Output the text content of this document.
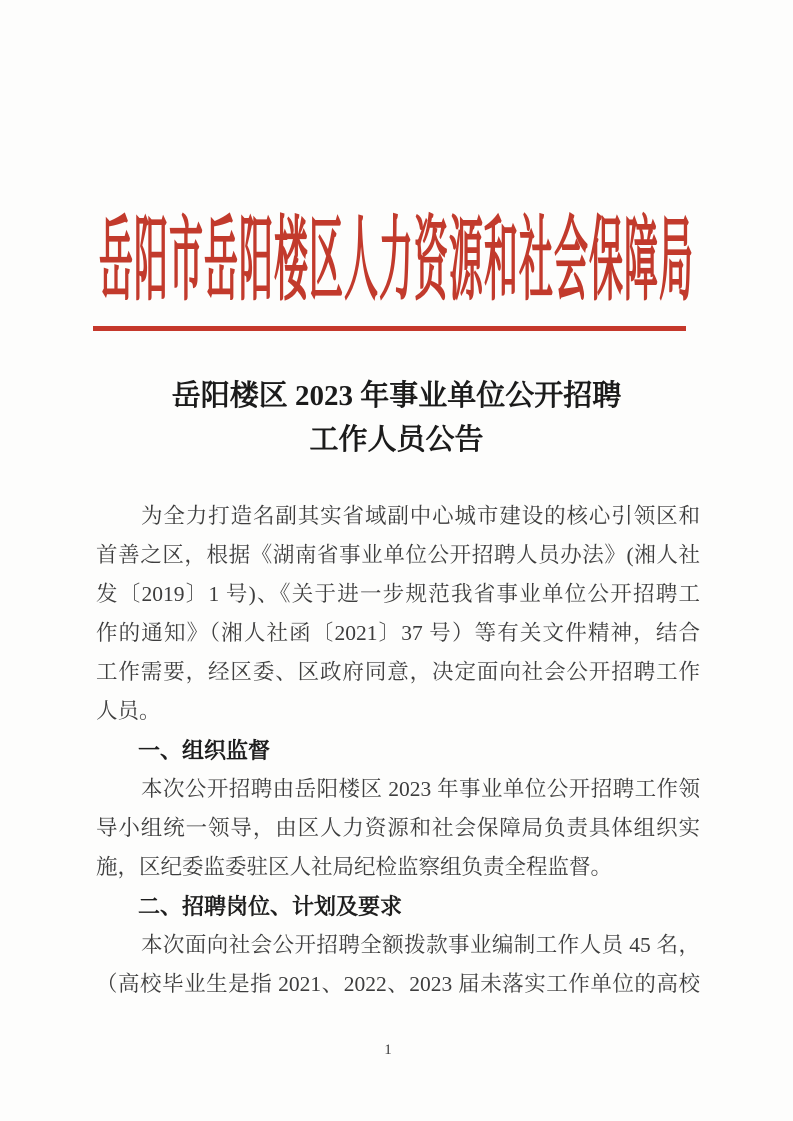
岳阳市岳阳楼区人力资源和社会保障局
岳阳楼区 2023 年事业单位公开招聘
工作人员公告
为全力打造名副其实省域副中心城市建设的核心引领区和
首善之区，根据《湖南省事业单位公开招聘人员办法》(湘人社
发〔2019〕1 号)、《关于进一步规范我省事业单位公开招聘工
作的通知》（湘人社函〔2021〕37 号）等有关文件精神，结合
工作需要，经区委、区政府同意，决定面向社会公开招聘工作
人员。
一、组织监督
本次公开招聘由岳阳楼区 2023 年事业单位公开招聘工作领
导小组统一领导，由区人力资源和社会保障局负责具体组织实
施，区纪委监委驻区人社局纪检监察组负责全程监督。
二、招聘岗位、计划及要求
本次面向社会公开招聘全额拨款事业编制工作人员 45 名，
（高校毕业生是指 2021、2022、2023 届未落实工作单位的高校
1
